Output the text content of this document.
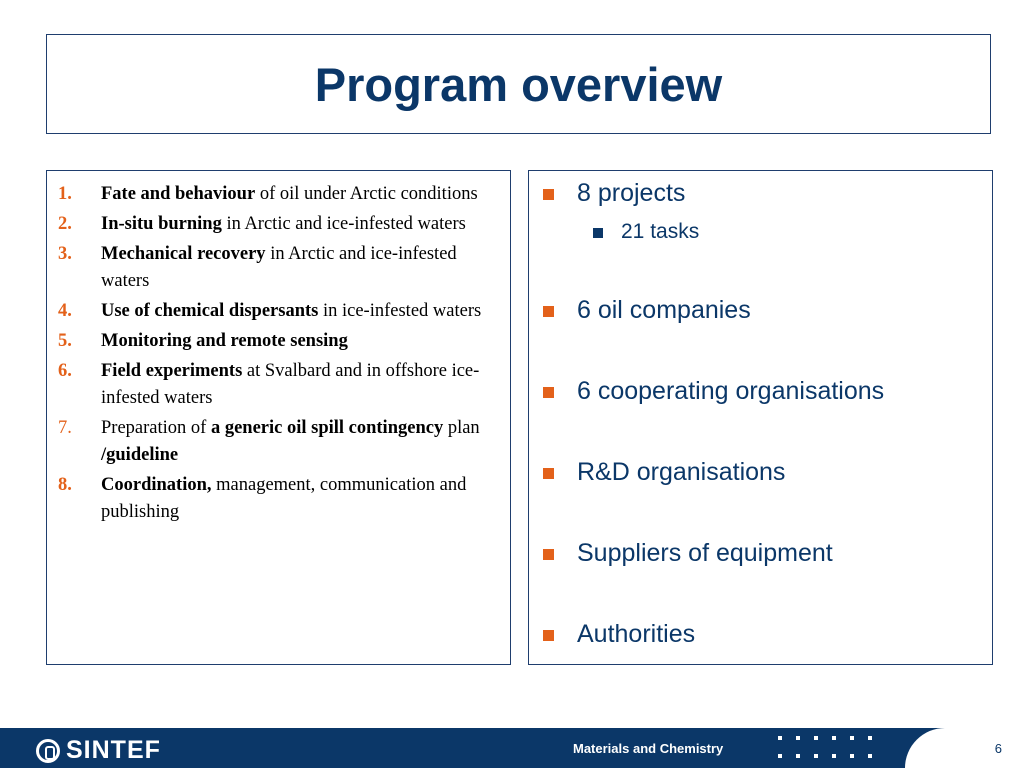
Program overview
1.	Fate and behaviour of oil under Arctic conditions
2.	In-situ burning in Arctic and ice-infested waters
3.	Mechanical recovery in Arctic and ice-infested waters
4.	Use of chemical dispersants in ice-infested waters
5.	Monitoring and remote sensing
6.	Field experiments at Svalbard and in offshore ice-infested waters
7.	Preparation of a generic oil spill contingency plan /guideline
8.	Coordination, management, communication and publishing
8 projects
21 tasks
6 oil companies
6 cooperating organisations
R&D organisations
Suppliers of equipment
Authorities
SINTEF	Materials and Chemistry	6
